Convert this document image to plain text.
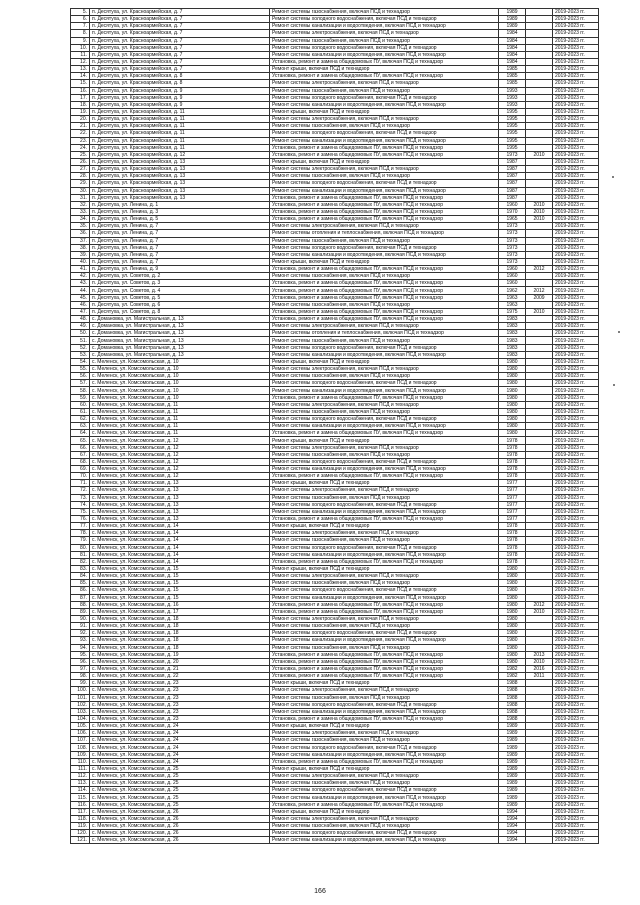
5.	п. Десятуха, ул. Красноармейская, д. 7	Ремонт системы газоснабжения, включая ПСД и технадзор	1989		2019-2023 гг.
6.	п. Десятуха, ул. Красноармейская, д. 7	Ремонт системы холодного водоснабжения, включая ПСД и технадзор	1989		2019-2023 гг.
7.	п. Десятуха, ул. Красноармейская, д. 7	Ремонт системы канализации и водоотведения, включая ПСД и технадзор	1989		2019-2023 гг.
8.	п. Десятуха, ул. Красноармейская, д. 7	Ремонт системы электроснабжения, включая ПСД и технадзор	1984		2019-2023 гг.
9.	п. Десятуха, ул. Красноармейская, д. 7	Ремонт системы газоснабжения, включая ПСД и технадзор	1984		2019-2023 гг.
10.	п. Десятуха, ул. Красноармейская, д. 7	Ремонт системы холодного водоснабжения, включая ПСД и технадзор	1984		2019-2023 гг.
11.	п. Десятуха, ул. Красноармейская, д. 7	Ремонт системы канализации и водоотведения, включая ПСД и технадзор	1984		2019-2023 гг.
12.	п. Десятуха, ул. Красноармейская, д. 7	Установка, ремонт и замена общедомовых ПУ, включая ПСД и технадзор	1984		2019-2023 гг.
13.	п. Десятуха, ул. Красноармейская, д. 7	Ремонт крыши, включая ПСД и технадзор	1985		2019-2023 гг.
14.	п. Десятуха, ул. Красноармейская, д. 8	Установка, ремонт и замена общедомовых ПУ, включая ПСД и технадзор	1985		2019-2023 гг.
15.	п. Десятуха, ул. Красноармейская, д. 8	Ремонт системы электроснабжения, включая ПСД и технадзор	1985		2019-2023 гг.
16.	п. Десятуха, ул. Красноармейская, д. 9	Ремонт системы газоснабжения, включая ПСД и технадзор	1993		2019-2023 гг.
17.	п. Десятуха, ул. Красноармейская, д. 9	Ремонт системы холодного водоснабжения, включая ПСД и технадзор	1993		2019-2023 гг.
18.	п. Десятуха, ул. Красноармейская, д. 9	Ремонт системы канализации и водоотведения, включая ПСД и технадзор	1993		2019-2023 гг.
19.	п. Десятуха, ул. Красноармейская, д. 11	Ремонт крыши, включая ПСД и технадзор	1995		2019-2023 гг.
20.	п. Десятуха, ул. Красноармейская, д. 11	Ремонт системы электроснабжения, включая ПСД и технадзор	1995		2019-2023 гг.
21.	п. Десятуха, ул. Красноармейская, д. 11	Ремонт системы газоснабжения, включая ПСД и технадзор	1995		2019-2023 гг.
22.	п. Десятуха, ул. Красноармейская, д. 11	Ремонт системы холодного водоснабжения, включая ПСД и технадзор	1995		2019-2023 гг.
23.	п. Десятуха, ул. Красноармейская, д. 11	Ремонт системы канализации и водоотведения, включая ПСД и технадзор	1995		2019-2023 гг.
24.	п. Десятуха, ул. Красноармейская, д. 11	Установка, ремонт и замена общедомовых ПУ, включая ПСД и технадзор	1995		2019-2023 гг.
25.	п. Десятуха, ул. Красноармейская, д. 12	Установка, ремонт и замена общедомовых ПУ, включая ПСД и технадзор	1973	2010	2019-2023 гг.
26.	п. Десятуха, ул. Красноармейская, д. 13	Ремонт крыши, включая ПСД и технадзор	1987		2019-2023 гг.
27.	п. Десятуха, ул. Красноармейская, д. 13	Ремонт системы электроснабжения, включая ПСД и технадзор	1987		2019-2023 гг.
28.	п. Десятуха, ул. Красноармейская, д. 13	Ремонт системы газоснабжения, включая ПСД и технадзор	1987		2019-2023 гг.
29.	п. Десятуха, ул. Красноармейская, д. 13	Ремонт системы холодного водоснабжения, включая ПСД и технадзор	1987		2019-2023 гг.
30.	п. Десятуха, ул. Красноармейская, д. 13	Ремонт системы канализации и водоотведения, включая ПСД и технадзор	1987		2019-2023 гг.
31.	п. Десятуха, ул. Красноармейская, д. 13	Установка, ремонт и замена общедомовых ПУ, включая ПСД и технадзор	1987		2019-2023 гг.
32.	п. Десятуха, ул. Ленина, д. 1	Установка, ремонт и замена общедомовых ПУ, включая ПСД и технадзор	1960	2010	2019-2023 гг.
33.	п. Десятуха, ул. Ленина, д. 3	Установка, ремонт и замена общедомовых ПУ, включая ПСД и технадзор	1970	2010	2019-2023 гг.
34.	п. Десятуха, ул. Ленина, д. 5	Установка, ремонт и замена общедомовых ПУ, включая ПСД и технадзор	1965	2010	2019-2023 гг.
35.	п. Десятуха, ул. Ленина, д. 7	Ремонт системы электроснабжения, включая ПСД и технадзор	1973		2019-2023 гг.
36.	п. Десятуха, ул. Ленина, д. 7	Ремонт системы отопления и теплоснабжения, включая ПСД и технадзор	1973		2019-2023 гг.
37.	п. Десятуха, ул. Ленина, д. 7	Ремонт системы газоснабжения, включая ПСД и технадзор	1973		2019-2023 гг.
38.	п. Десятуха, ул. Ленина, д. 7	Ремонт системы холодного водоснабжения, включая ПСД и технадзор	1973		2019-2023 гг.
39.	п. Десятуха, ул. Ленина, д. 7	Ремонт системы канализации и водоотведения, включая ПСД и технадзор	1973		2019-2023 гг.
40.	п. Десятуха, ул. Ленина, д. 7	Ремонт крыши, включая ПСД и технадзор	1973		2019-2023 гг.
41.	п. Десятуха, ул. Ленина, д. 9	Установка, ремонт и замена общедомовых ПУ, включая ПСД и технадзор	1960	2012	2019-2023 гг.
42.	п. Десятуха, ул. Советов, д. 2	Ремонт системы газоснабжения, включая ПСД и технадзор	1960		2019-2023 гг.
43.	п. Десятуха, ул. Советов, д. 3	Установка, ремонт и замена общедомовых ПУ, включая ПСД и технадзор	1960		2019-2023 гг.
44.	п. Десятуха, ул. Советов, д. 4	Установка, ремонт и замена общедомовых ПУ, включая ПСД и технадзор	1962	2012	2019-2023 гг.
45.	п. Десятуха, ул. Советов, д. 5	Установка, ремонт и замена общедомовых ПУ, включая ПСД и технадзор	1963	2009	2019-2023 гг.
46.	п. Десятуха, ул. Советов, д. 6	Ремонт системы газоснабжения, включая ПСД и технадзор	1963		2019-2023 гг.
47.	п. Десятуха, ул. Советов, д. 8	Установка, ремонт и замена общедомовых ПУ, включая ПСД и технадзор	1975	2010	2019-2023 гг.
48.	с. Домановка, ул. Магистральная, д. 13	Установка, ремонт и замена общедомовых ПУ, включая ПСД и технадзор	1983		2019-2023 гг.
49.	с. Домановка, ул. Магистральная, д. 13	Ремонт системы электроснабжения, включая ПСД и технадзор	1983		2019-2023 гг.
50.	с. Домановка, ул. Магистральная, д. 13	Ремонт системы отопления и теплоснабжения, включая ПСД и технадзор	1983		2019-2023 гг.
51.	с. Домановка, ул. Магистральная, д. 13	Ремонт системы газоснабжения, включая ПСД и технадзор	1983		2019-2023 гг.
52.	с. Домановка, ул. Магистральная, д. 13	Ремонт системы холодного водоснабжения, включая ПСД и технадзор	1983		2019-2023 гг.
53.	с. Домановка, ул. Магистральная, д. 13	Ремонт системы канализации и водоотведения, включая ПСД и технадзор	1983		2019-2023 гг.
54.	с. Меленск, ул. Комсомольская, д. 10	Ремонт крыши, включая ПСД и технадзор	1980		2019-2023 гг.
55.	с. Меленск, ул. Комсомольская, д. 10	Ремонт системы электроснабжения, включая ПСД и технадзор	1980		2019-2023 гг.
56.	с. Меленск, ул. Комсомольская, д. 10	Ремонт системы газоснабжения, включая ПСД и технадзор	1980		2019-2023 гг.
57.	с. Меленск, ул. Комсомольская, д. 10	Ремонт системы холодного водоснабжения, включая ПСД и технадзор	1980		2019-2023 гг.
58.	с. Меленск, ул. Комсомольская, д. 10	Ремонт системы канализации и водоотведения, включая ПСД и технадзор	1980		2019-2023 гг.
59.	с. Меленск, ул. Комсомольская, д. 10	Установка, ремонт и замена общедомовых ПУ, включая ПСД и технадзор	1980		2019-2023 гг.
60.	с. Меленск, ул. Комсомольская, д. 11	Ремонт системы электроснабжения, включая ПСД и технадзор	1980		2019-2023 гг.
61.	с. Меленск, ул. Комсомольская, д. 11	Ремонт системы газоснабжения, включая ПСД и технадзор	1980		2019-2023 гг.
62.	с. Меленск, ул. Комсомольская, д. 11	Ремонт системы холодного водоснабжения, включая ПСД и технадзор	1980		2019-2023 гг.
63.	с. Меленск, ул. Комсомольская, д. 11	Ремонт системы канализации и водоотведения, включая ПСД и технадзор	1980		2019-2023 гг.
64.	с. Меленск, ул. Комсомольская, д. 11	Установка, ремонт и замена общедомовых ПУ, включая ПСД и технадзор	1980		2019-2023 гг.
65.	с. Меленск, ул. Комсомольская, д. 12	Ремонт крыши, включая ПСД и технадзор	1978		2019-2023 гг.
66.	с. Меленск, ул. Комсомольская, д. 12	Ремонт системы электроснабжения, включая ПСД и технадзор	1978		2019-2023 гг.
67.	с. Меленск, ул. Комсомольская, д. 12	Ремонт системы газоснабжения, включая ПСД и технадзор	1978		2019-2023 гг.
68.	с. Меленск, ул. Комсомольская, д. 12	Ремонт системы холодного водоснабжения, включая ПСД и технадзор	1978		2019-2023 гг.
69.	с. Меленск, ул. Комсомольская, д. 12	Ремонт системы канализации и водоотведения, включая ПСД и технадзор	1978		2019-2023 гг.
70.	с. Меленск, ул. Комсомольская, д. 12	Установка, ремонт и замена общедомовых ПУ, включая ПСД и технадзор	1978		2019-2023 гг.
71.	с. Меленск, ул. Комсомольская, д. 13	Ремонт крыши, включая ПСД и технадзор	1977		2019-2023 гг.
72.	с. Меленск, ул. Комсомольская, д. 13	Ремонт системы электроснабжения, включая ПСД и технадзор	1977		2019-2023 гг.
73.	с. Меленск, ул. Комсомольская, д. 13	Ремонт системы газоснабжения, включая ПСД и технадзор	1977		2019-2023 гг.
74.	с. Меленск, ул. Комсомольская, д. 13	Ремонт системы холодного водоснабжения, включая ПСД и технадзор	1977		2019-2023 гг.
75.	с. Меленск, ул. Комсомольская, д. 13	Ремонт системы канализации и водоотведения, включая ПСД и технадзор	1977		2019-2023 гг.
76.	с. Меленск, ул. Комсомольская, д. 13	Установка, ремонт и замена общедомовых ПУ, включая ПСД и технадзор	1977		2019-2023 гг.
77.	с. Меленск, ул. Комсомольская, д. 14	Ремонт крыши, включая ПСД и технадзор	1978		2019-2023 гг.
78.	с. Меленск, ул. Комсомольская, д. 14	Ремонт системы электроснабжения, включая ПСД и технадзор	1978		2019-2023 гг.
79.	с. Меленск, ул. Комсомольская, д. 14	Ремонт системы газоснабжения, включая ПСД и технадзор	1978		2019-2023 гг.
80.	с. Меленск, ул. Комсомольская, д. 14	Ремонт системы холодного водоснабжения, включая ПСД и технадзор	1978		2019-2023 гг.
81.	с. Меленск, ул. Комсомольская, д. 14	Ремонт системы канализации и водоотведения, включая ПСД и технадзор	1978		2019-2023 гг.
82.	с. Меленск, ул. Комсомольская, д. 14	Установка, ремонт и замена общедомовых ПУ, включая ПСД и технадзор	1978		2019-2023 гг.
83.	с. Меленск, ул. Комсомольская, д. 15	Ремонт крыши, включая ПСД и технадзор	1980		2019-2023 гг.
84.	с. Меленск, ул. Комсомольская, д. 15	Ремонт системы электроснабжения, включая ПСД и технадзор	1980		2019-2023 гг.
85.	с. Меленск, ул. Комсомольская, д. 15	Ремонт системы газоснабжения, включая ПСД и технадзор	1980		2019-2023 гг.
86.	с. Меленск, ул. Комсомольская, д. 15	Ремонт системы холодного водоснабжения, включая ПСД и технадзор	1980		2019-2023 гг.
87.	с. Меленск, ул. Комсомольская, д. 15	Ремонт системы канализации и водоотведения, включая ПСД и технадзор	1980		2019-2023 гг.
88.	с. Меленск, ул. Комсомольская, д. 16	Установка, ремонт и замена общедомовых ПУ, включая ПСД и технадзор	1980	2012	2019-2023 гг.
89.	с. Меленск, ул. Комсомольская, д. 17	Установка, ремонт и замена общедомовых ПУ, включая ПСД и технадзор	1980	2010	2019-2023 гг.
90.	с. Меленск, ул. Комсомольская, д. 18	Ремонт системы электроснабжения, включая ПСД и технадзор	1980		2019-2023 гг.
91.	с. Меленск, ул. Комсомольская, д. 18	Ремонт системы газоснабжения, включая ПСД и технадзор	1980		2019-2023 гг.
92.	с. Меленск, ул. Комсомольская, д. 18	Ремонт системы холодного водоснабжения, включая ПСД и технадзор	1980		2019-2023 гг.
93.	с. Меленск, ул. Комсомольская, д. 18	Ремонт системы канализации и водоотведения, включая ПСД и технадзор	1980		2019-2023 гг.
94.	с. Меленск, ул. Комсомольская, д. 18	Ремонт системы газоснабжения, включая ПСД и технадзор	1980		2019-2023 гг.
95.	с. Меленск, ул. Комсомольская, д. 19	Установка, ремонт и замена общедомовых ПУ, включая ПСД и технадзор	1980	2013	2019-2023 гг.
96.	с. Меленск, ул. Комсомольская, д. 20	Установка, ремонт и замена общедомовых ПУ, включая ПСД и технадзор	1980	2010	2019-2023 гг.
97.	с. Меленск, ул. Комсомольская, д. 21	Установка, ремонт и замена общедомовых ПУ, включая ПСД и технадзор	1982	2016	2019-2023 гг.
98.	с. Меленск, ул. Комсомольская, д. 22	Установка, ремонт и замена общедомовых ПУ, включая ПСД и технадзор	1982	2011	2019-2023 гг.
99.	с. Меленск, ул. Комсомольская, д. 23	Ремонт крыши, включая ПСД и технадзор	1988		2019-2023 гг.
100.	с. Меленск, ул. Комсомольская, д. 23	Ремонт системы электроснабжения, включая ПСД и технадзор	1988		2019-2023 гг.
101.	с. Меленск, ул. Комсомольская, д. 23	Ремонт системы газоснабжения, включая ПСД и технадзор	1988		2019-2023 гг.
102.	с. Меленск, ул. Комсомольская, д. 23	Ремонт системы холодного водоснабжения, включая ПСД и технадзор	1988		2019-2023 гг.
103.	с. Меленск, ул. Комсомольская, д. 23	Ремонт системы канализации и водоотведения, включая ПСД и технадзор	1988		2019-2023 гг.
104.	с. Меленск, ул. Комсомольская, д. 23	Установка, ремонт и замена общедомовых ПУ, включая ПСД и технадзор	1988		2019-2023 гг.
105.	с. Меленск, ул. Комсомольская, д. 24	Ремонт крыши, включая ПСД и технадзор	1989		2019-2023 гг.
106.	с. Меленск, ул. Комсомольская, д. 24	Ремонт системы электроснабжения, включая ПСД и технадзор	1989		2019-2023 гг.
107.	с. Меленск, ул. Комсомольская, д. 24	Ремонт системы газоснабжения, включая ПСД и технадзор	1989		2019-2023 гг.
108.	с. Меленск, ул. Комсомольская, д. 24	Ремонт системы холодного водоснабжения, включая ПСД и технадзор	1989		2019-2023 гг.
109.	с. Меленск, ул. Комсомольская, д. 24	Ремонт системы канализации и водоотведения, включая ПСД и технадзор	1989		2019-2023 гг.
110.	с. Меленск, ул. Комсомольская, д. 24	Установка, ремонт и замена общедомовых ПУ, включая ПСД и технадзор	1989		2019-2023 гг.
111.	с. Меленск, ул. Комсомольская, д. 25	Ремонт крыши, включая ПСД и технадзор	1989		2019-2023 гг.
112.	с. Меленск, ул. Комсомольская, д. 25	Ремонт системы электроснабжения, включая ПСД и технадзор	1989		2019-2023 гг.
113.	с. Меленск, ул. Комсомольская, д. 25	Ремонт системы газоснабжения, включая ПСД и технадзор	1989		2019-2023 гг.
114.	с. Меленск, ул. Комсомольская, д. 25	Ремонт системы холодного водоснабжения, включая ПСД и технадзор	1989		2019-2023 гг.
115.	с. Меленск, ул. Комсомольская, д. 25	Ремонт системы канализации и водоотведения, включая ПСД и технадзор	1989		2019-2023 гг.
116.	с. Меленск, ул. Комсомольская, д. 25	Установка, ремонт и замена общедомовых ПУ, включая ПСД и технадзор	1989		2019-2023 гг.
117.	с. Меленск, ул. Комсомольская, д. 26	Ремонт крыши, включая ПСД и технадзор	1994		2019-2023 гг.
118.	с. Меленск, ул. Комсомольская, д. 26	Ремонт системы электроснабжения, включая ПСД и технадзор	1994		2019-2023 гг.
119.	с. Меленск, ул. Комсомольская, д. 26	Ремонт системы газоснабжения, включая ПСД и технадзор	1994		2019-2023 гг.
120.	с. Меленск, ул. Комсомольская, д. 26	Ремонт системы холодного водоснабжения, включая ПСД и технадзор	1994		2019-2023 гг.
121.	с. Меленск, ул. Комсомольская, д. 26	Ремонт системы канализации и водоотведения, включая ПСД и технадзор	1994		2019-2023 гг.
166
